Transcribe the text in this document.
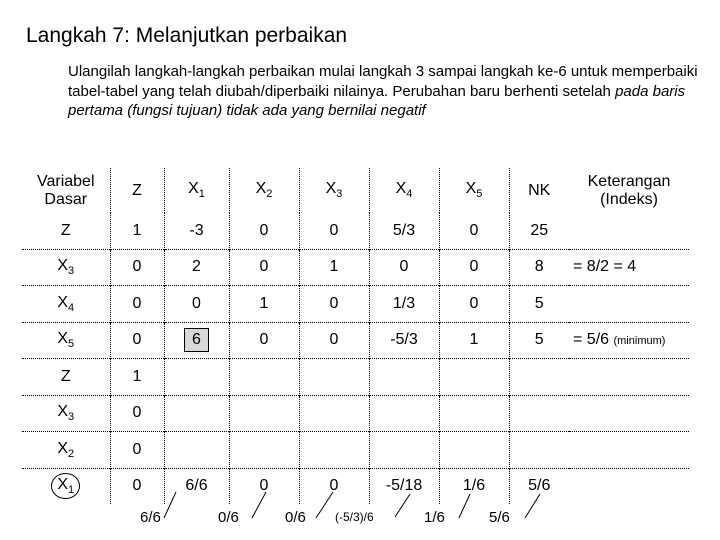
Langkah 7: Melanjutkan perbaikan
Ulangilah langkah-langkah perbaikan mulai langkah 3 sampai langkah ke-6 untuk memperbaiki tabel-tabel yang telah diubah/diperbaiki nilainya. Perubahan baru berhenti setelah pada baris pertama (fungsi tujuan) tidak ada yang bernilai negatif
Variabel
Dasar	Z	$X_1$	$X_2$	$X_3$	$X_4$	$X_5$	NK	Keterangan
(Indeks)
Z	1	-3	0	0	5/3	0	25	
$X_3$	0	2	0	1	0	0	8	= 8/2 = 4
$X_4$	0	0	1	0	1/3	0	5	
$X_5$	0	6	0	0	-5/3	1	5	= 5/6 (minimum)
Z	1							
$X_3$	0							
$X_2$	0							
$X_1$	0	6/6	0	0	-5/18	1/6	5/6	
6/6	0/6	0/6 (-5/3)/6	1/6	5/6
